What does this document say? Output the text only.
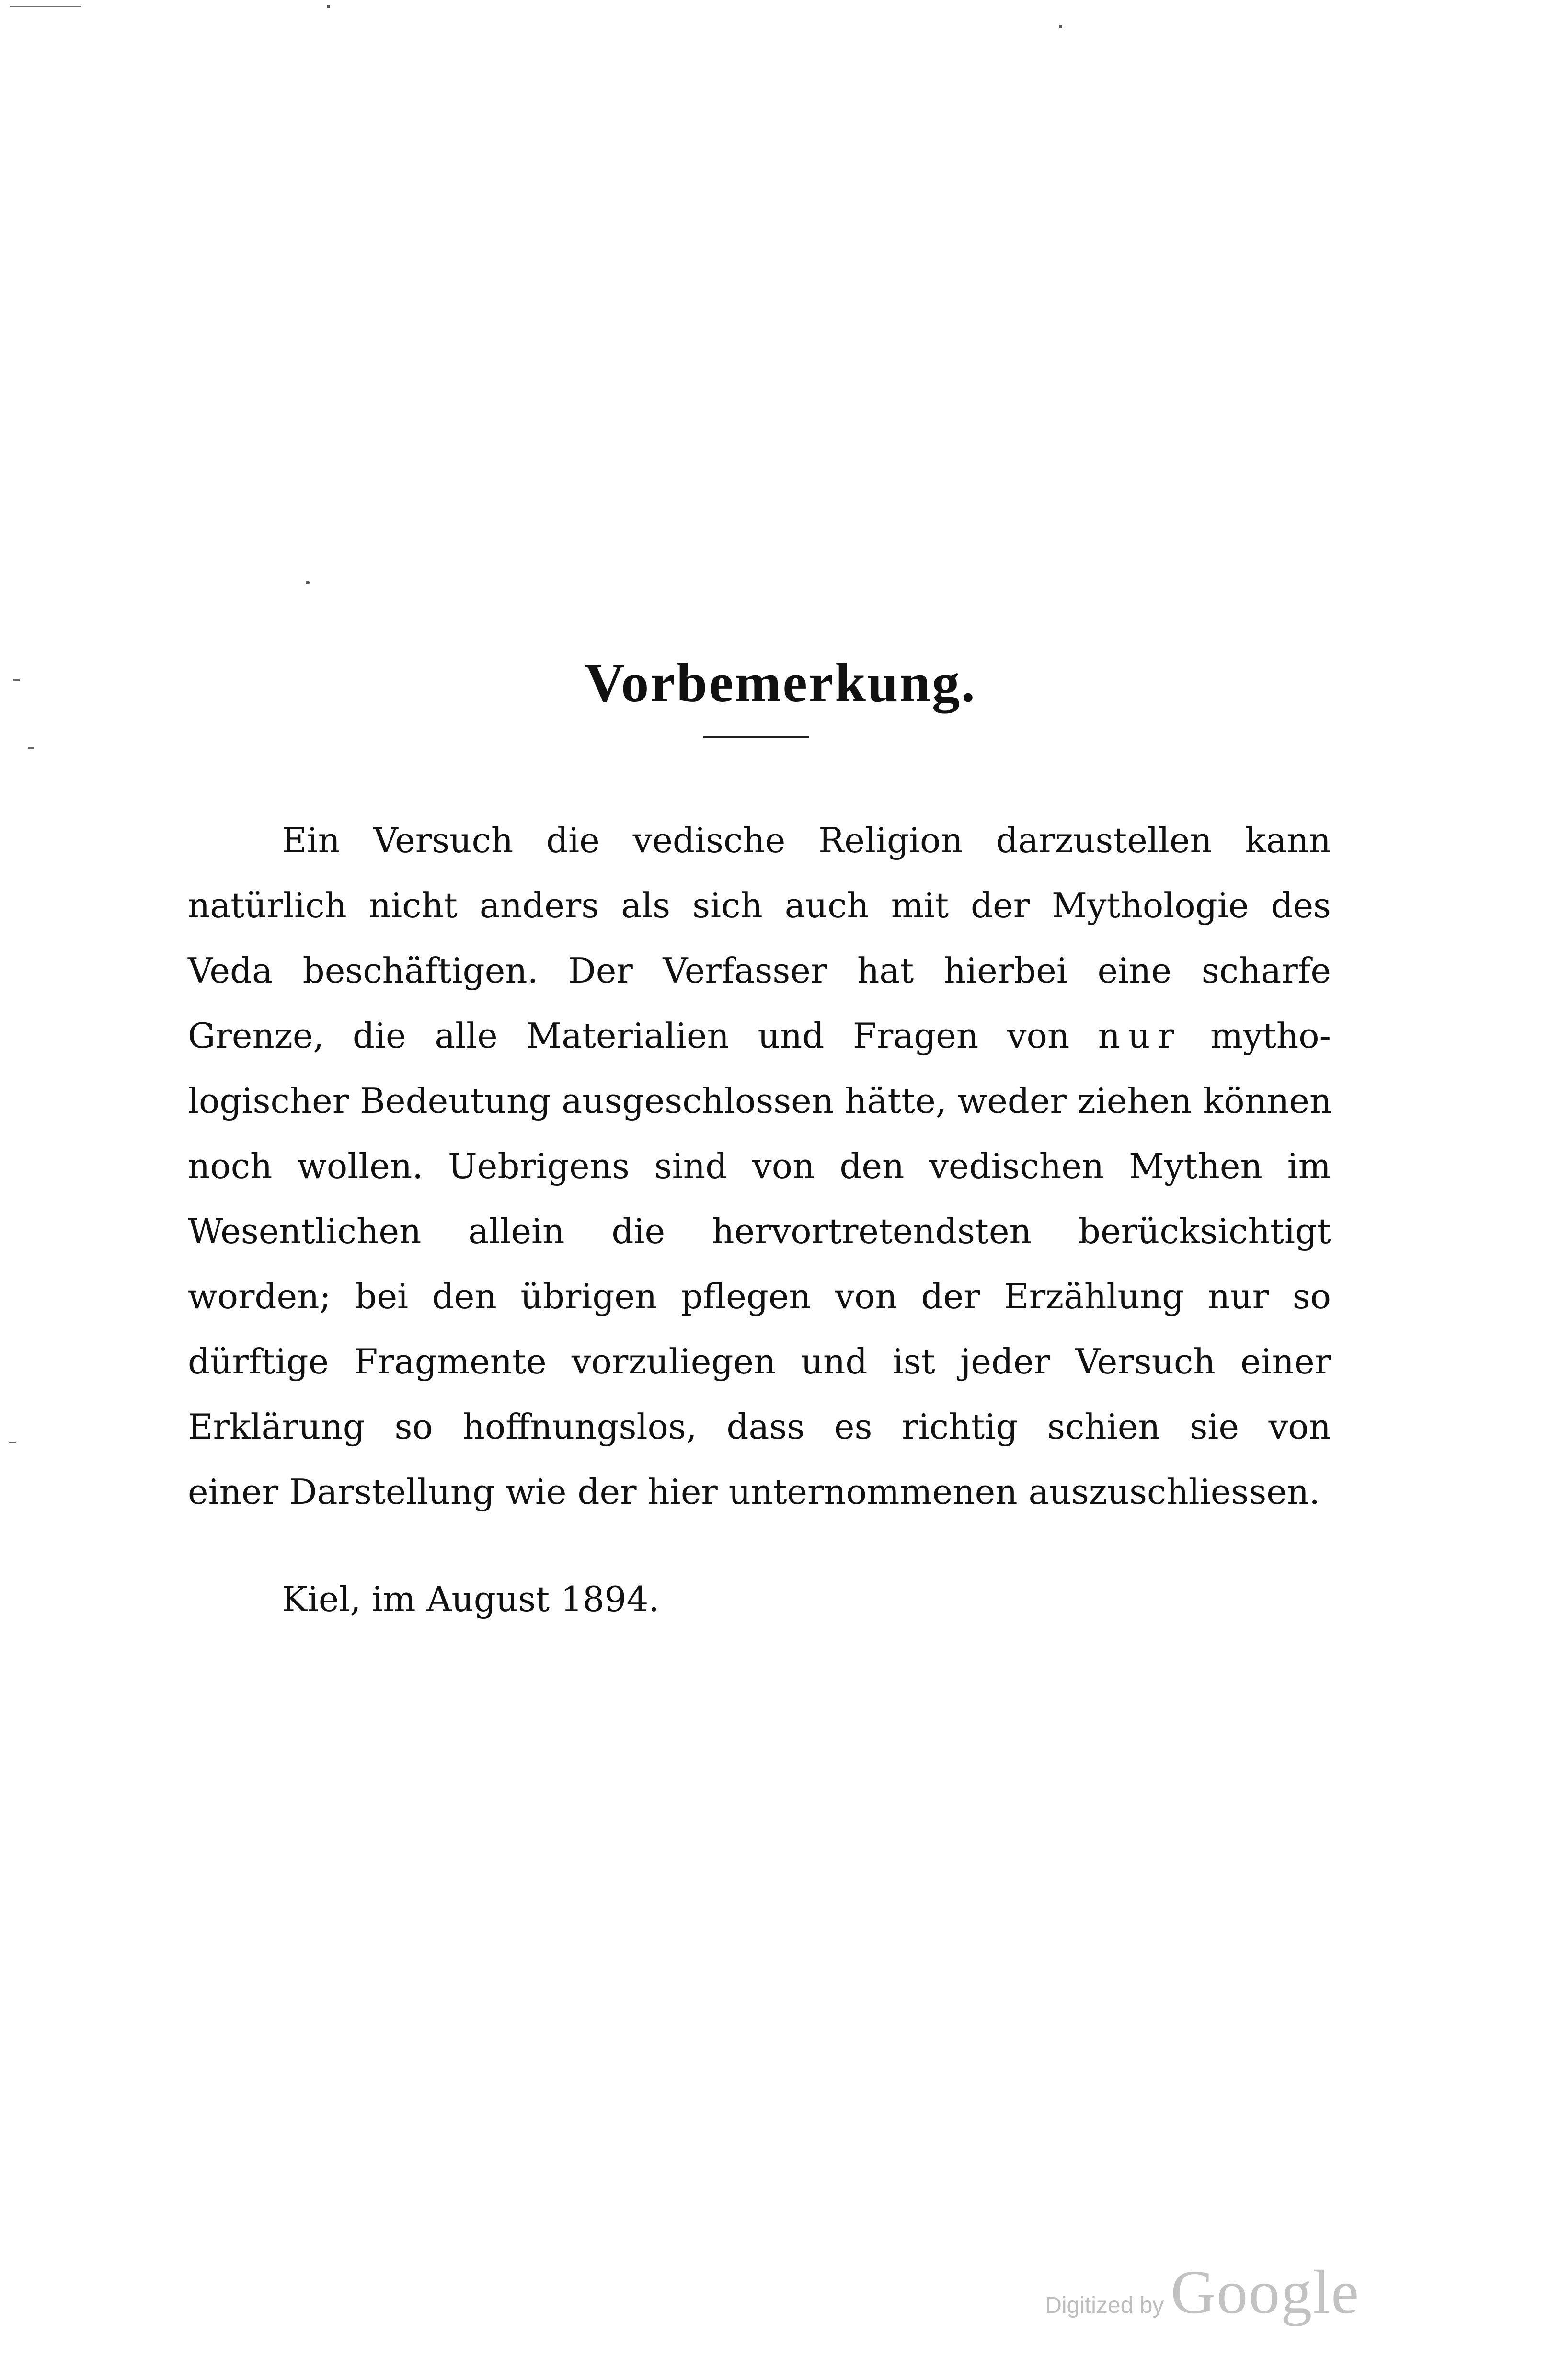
Vorbemerkung.
Ein Versuch die vedische Religion darzustellen kann
natürlich nicht anders als sich auch mit der Mythologie des
Veda beschäftigen. Der Verfasser hat hierbei eine scharfe
Grenze, die alle Materialien und Fragen von nur mytho-
logischer Bedeutung ausgeschlossen hätte, weder ziehen können
noch wollen. Uebrigens sind von den vedischen Mythen im
Wesentlichen allein die hervortretendsten berücksichtigt
worden; bei den übrigen pflegen von der Erzählung nur so
dürftige Fragmente vorzuliegen und ist jeder Versuch einer
Erklärung so hoffnungslos, dass es richtig schien sie von
einer Darstellung wie der hier unternommenen auszuschliessen.
Kiel, im August 1894.
Digitized by Google
